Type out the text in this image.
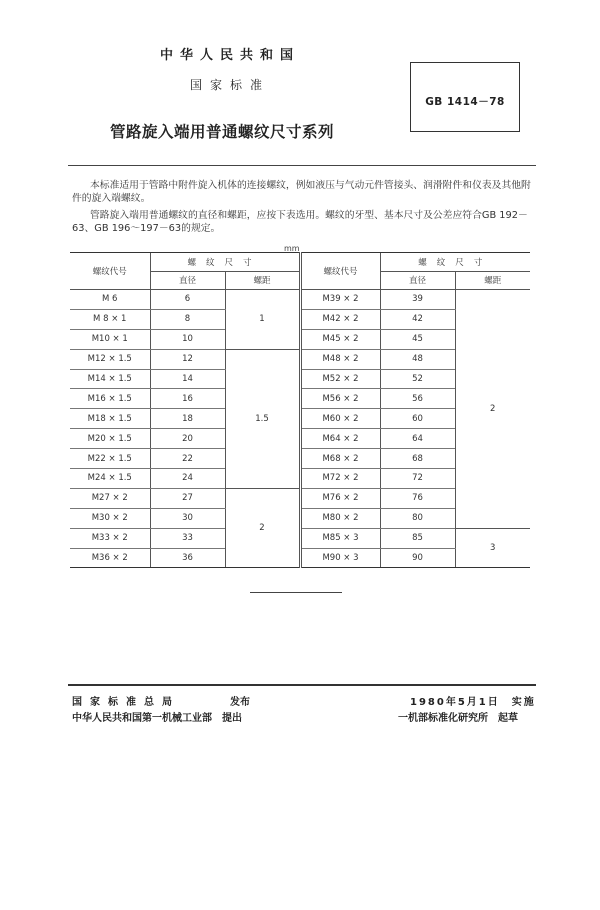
中华人民共和国
国家标准
GB 1414－78
管路旋入端用普通螺纹尺寸系列
本标准适用于管路中附件旋入机体的连接螺纹，例如液压与气动元件管接头、润滑附件和仪表及其他附件的旋入端螺纹。
管路旋入端用普通螺纹的直径和螺距，应按下表选用。螺纹的牙型、基本尺寸及公差应符合GB 192－63、GB 196～197－63的规定。
mm
螺纹代号	螺纹尺寸		螺纹代号	螺纹尺寸	
	直径	螺距		直径	螺距
M 6	6	1	M39 × 2	39	2
M 8 × 1	8		M42 × 2	42	
M10 × 1	10		M45 × 2	45	
M12 × 1.5	12	1.5	M48 × 2	48	
M14 × 1.5	14		M52 × 2	52	
M16 × 1.5	16		M56 × 2	56	
M18 × 1.5	18		M60 × 2	60	
M20 × 1.5	20		M64 × 2	64	
M22 × 1.5	22		M68 × 2	68	
M24 × 1.5	24		M72 × 2	72	
M27 × 2	27	2	M76 × 2	76	
M30 × 2	30		M80 × 2	80	
M33 × 2	33		M85 × 3	85	3
M36 × 2	36		M90 × 3	90	
国家标准总局	发布
中华人民共和国第一机械工业部　提出
1980年5月1日　实施
一机部标准化研究所　起草
